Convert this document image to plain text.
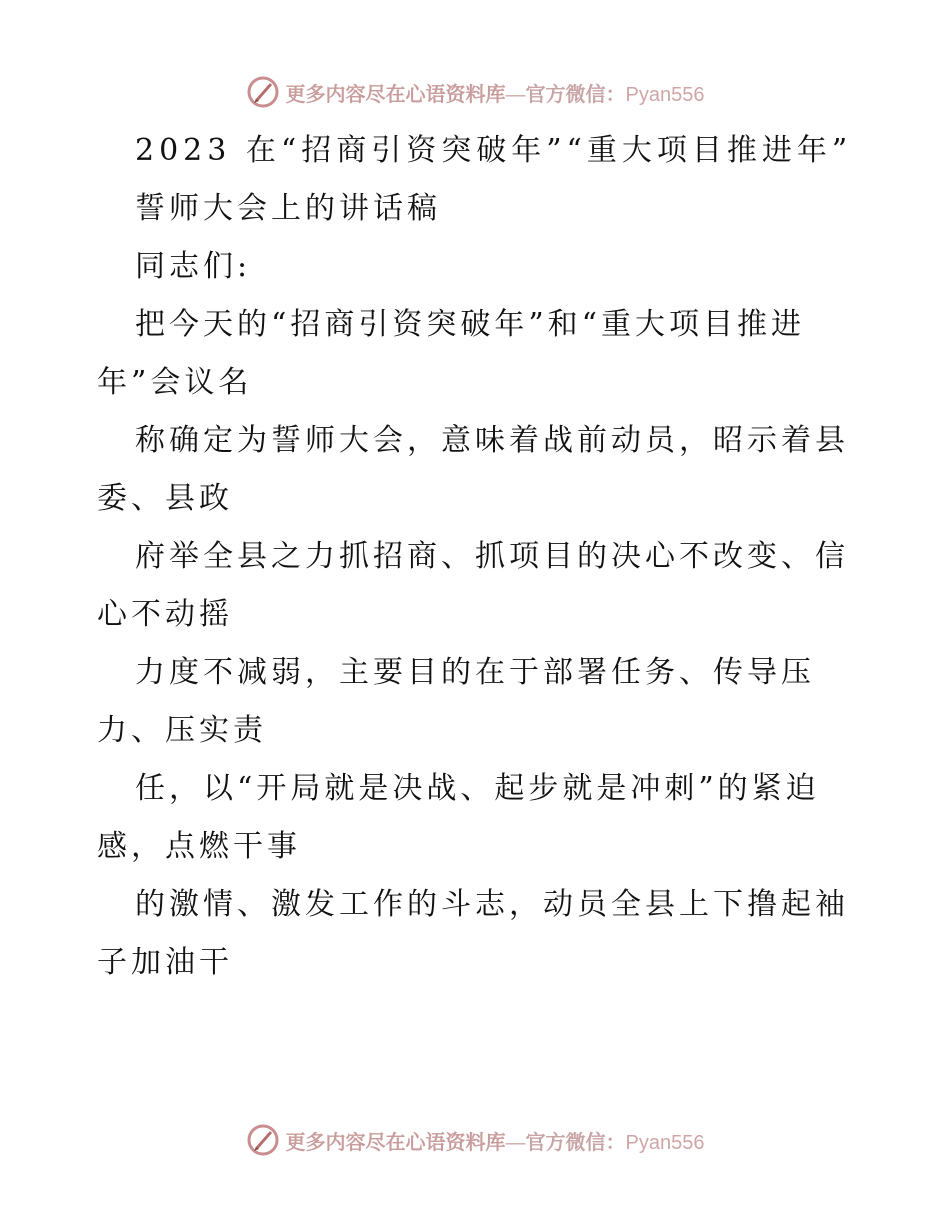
更多内容尽在心语资料库—官方微信：Pyan556

2023 在“招商引资突破年”“重大项目推进年”

誓师大会上的讲话稿

同志们:

把今天的“招商引资突破年”和“重大项目推进年”会议名

称确定为誓师大会，意味着战前动员，昭示着县委、县政

府举全县之力抓招商、抓项目的决心不改变、信心不动摇

力度不减弱，主要目的在于部署任务、传导压力、压实责

任，以“开局就是决战、起步就是冲刺”的紧迫感，点燃干事

的激情、激发工作的斗志，动员全县上下撸起袖子加油干

更多内容尽在心语资料库—官方微信：Pyan556
